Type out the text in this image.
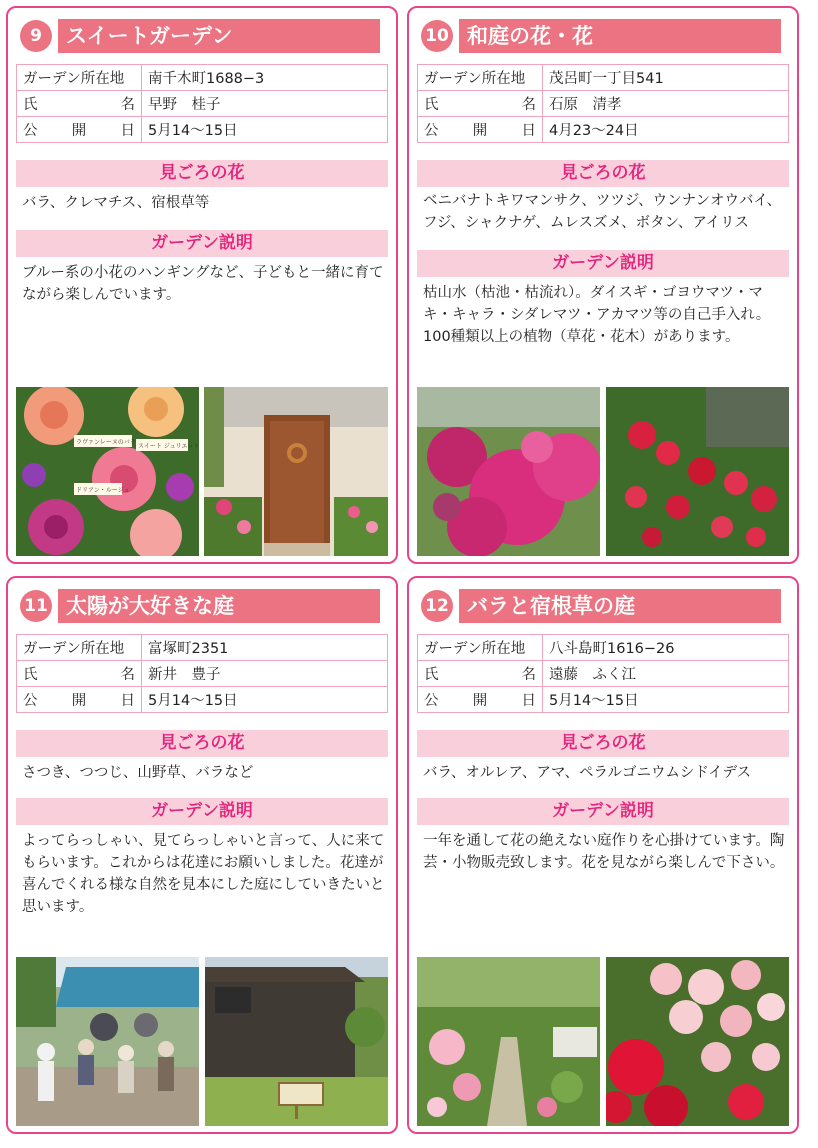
9	スイートガーデン
ガーデン所在地	南千木町1688−3

氏 名	早野　桂子

公 開 日	5月14～15日
見ごろの花
バラ、クレマチス、宿根草等
ガーデン説明
ブルー系の小花のハンギングなど、子どもと一緒に育てながら楽しんでいます。
ラヴァンレーヌのバラ
スイート ジュリエット
ドリアン・ルージュ
10 和庭の花・花
ガーデン所在地	茂呂町一丁目541

氏 名	石原　清孝

公 開 日	4月23～24日
見ごろの花
ベニバナトキワマンサク、ツツジ、ウンナンオウバイ、フジ、シャクナゲ、ムレスズメ、ボタン、アイリス
ガーデン説明
枯山水（枯池・枯流れ）。ダイスギ・ゴヨウマツ・マキ・キャラ・シダレマツ・アカマツ等の自己手入れ。100種類以上の植物（草花・花木）があります。
11 太陽が大好きな庭
ガーデン所在地	富塚町2351

氏 名	新井　豊子

公 開 日	5月14～15日
見ごろの花
さつき、つつじ、山野草、バラなど
ガーデン説明
よってらっしゃい、見てらっしゃいと言って、人に来てもらいます。これからは花達にお願いしました。花達が喜んでくれる様な自然を見本にした庭にしていきたいと思います。
12 バラと宿根草の庭
ガーデン所在地	八斗島町1616−26

氏 名	遠藤　ふく江

公 開 日	5月14～15日
見ごろの花
バラ、オルレア、アマ、ペラルゴニウムシドイデス
ガーデン説明
一年を通して花の絶えない庭作りを心掛けています。陶芸・小物販売致します。花を見ながら楽しんで下さい。
